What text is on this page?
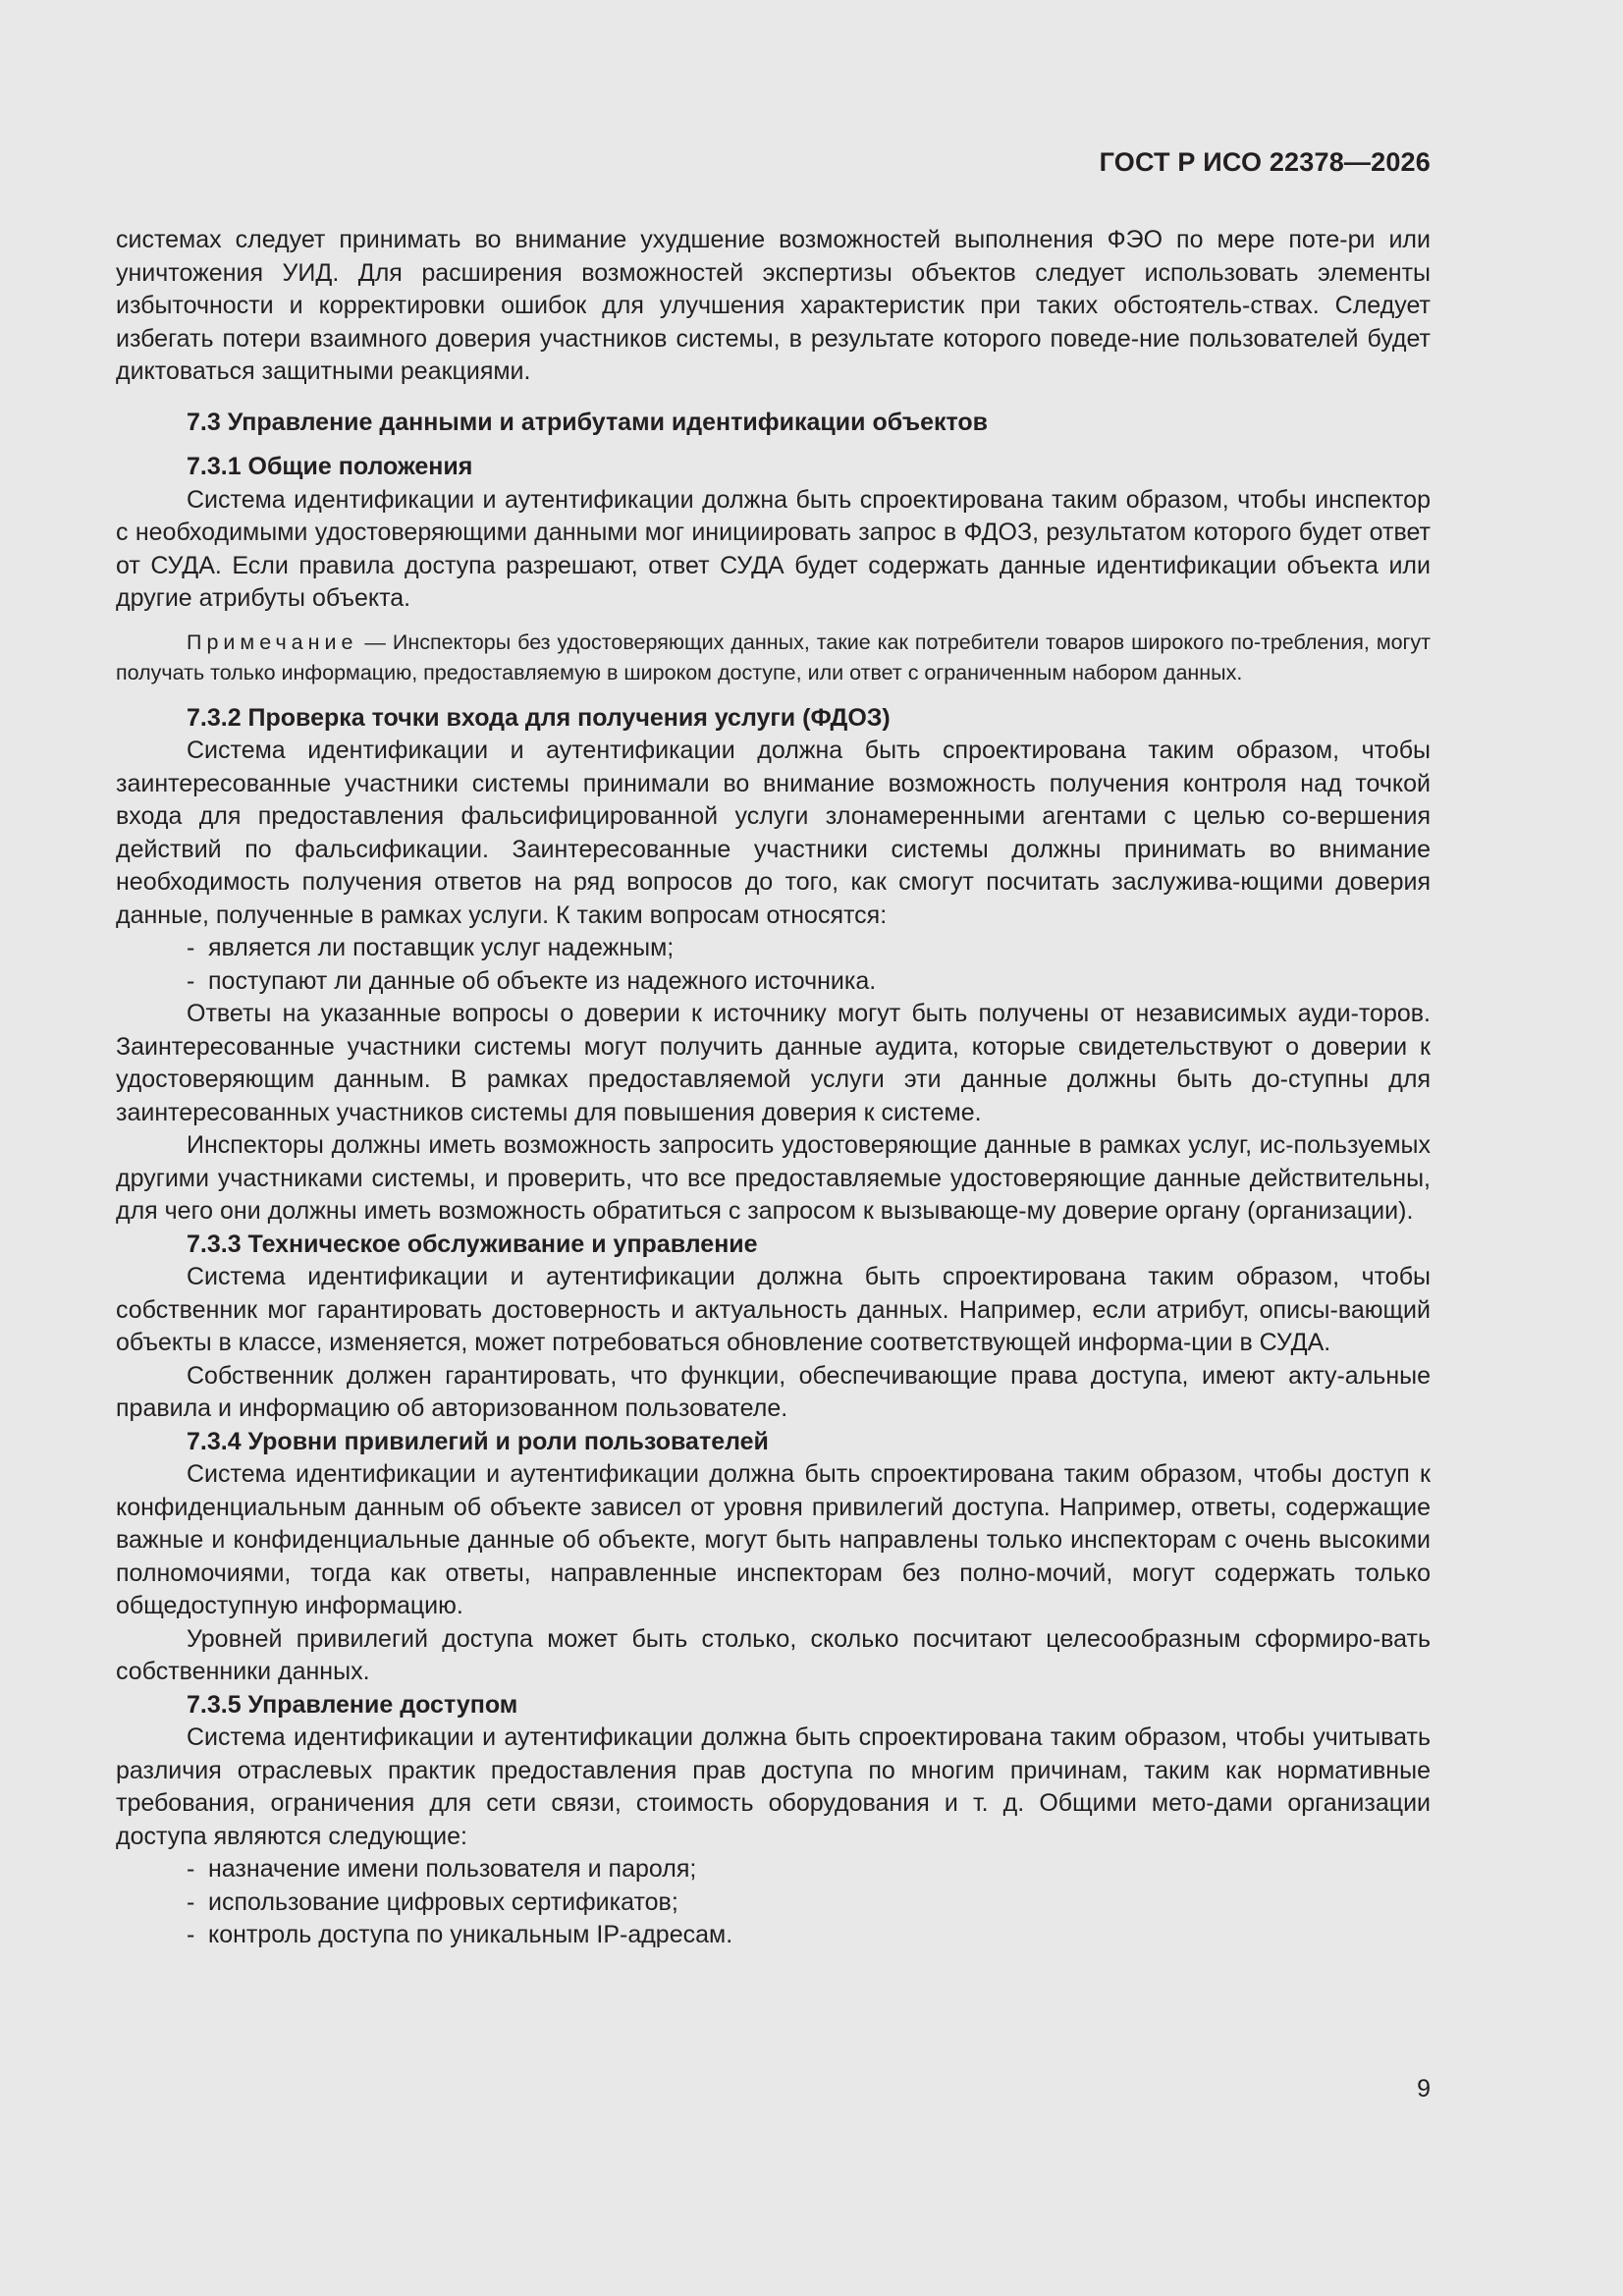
ГОСТ Р ИСО 22378—2026

системах следует принимать во внимание ухудшение возможностей выполнения ФЭО по мере поте-ри или уничтожения УИД. Для расширения возможностей экспертизы объектов следует использовать элементы избыточности и корректировки ошибок для улучшения характеристик при таких обстоятель-ствах. Следует избегать потери взаимного доверия участников системы, в результате которого поведе-ние пользователей будет диктоваться защитными реакциями.

7.3 Управление данными и атрибутами идентификации объектов
7.3.1 Общие положения

Система идентификации и аутентификации должна быть спроектирована таким образом, чтобы инспектор с необходимыми удостоверяющими данными мог инициировать запрос в ФДОЗ, результатом которого будет ответ от СУДА. Если правила доступа разрешают, ответ СУДА будет содержать данные идентификации объекта или другие атрибуты объекта.

Примечание — Инспекторы без удостоверяющих данных, такие как потребители товаров широкого по-требления, могут получать только информацию, предоставляемую в широком доступе, или ответ с ограниченным набором данных.

7.3.2 Проверка точки входа для получения услуги (ФДОЗ)

Система идентификации и аутентификации должна быть спроектирована таким образом, чтобы заинтересованные участники системы принимали во внимание возможность получения контроля над точкой входа для предоставления фальсифицированной услуги злонамеренными агентами с целью со-вершения действий по фальсификации. Заинтересованные участники системы должны принимать во внимание необходимость получения ответов на ряд вопросов до того, как смогут посчитать заслужива-ющими доверия данные, полученные в рамках услуги. К таким вопросам относятся:

- является ли поставщик услуг надежным;
- поступают ли данные об объекте из надежного источника.

Ответы на указанные вопросы о доверии к источнику могут быть получены от независимых ауди-торов. Заинтересованные участники системы могут получить данные аудита, которые свидетельствуют о доверии к удостоверяющим данным. В рамках предоставляемой услуги эти данные должны быть до-ступны для заинтересованных участников системы для повышения доверия к системе.

Инспекторы должны иметь возможность запросить удостоверяющие данные в рамках услуг, ис-пользуемых другими участниками системы, и проверить, что все предоставляемые удостоверяющие данные действительны, для чего они должны иметь возможность обратиться с запросом к вызывающе-му доверие органу (организации).

7.3.3 Техническое обслуживание и управление

Система идентификации и аутентификации должна быть спроектирована таким образом, чтобы собственник мог гарантировать достоверность и актуальность данных. Например, если атрибут, описы-вающий объекты в классе, изменяется, может потребоваться обновление соответствующей информа-ции в СУДА.

Собственник должен гарантировать, что функции, обеспечивающие права доступа, имеют акту-альные правила и информацию об авторизованном пользователе.

7.3.4 Уровни привилегий и роли пользователей

Система идентификации и аутентификации должна быть спроектирована таким образом, чтобы доступ к конфиденциальным данным об объекте зависел от уровня привилегий доступа. Например, ответы, содержащие важные и конфиденциальные данные об объекте, могут быть направлены только инспекторам с очень высокими полномочиями, тогда как ответы, направленные инспекторам без полно-мочий, могут содержать только общедоступную информацию.

Уровней привилегий доступа может быть столько, сколько посчитают целесообразным сформиро-вать собственники данных.

7.3.5 Управление доступом

Система идентификации и аутентификации должна быть спроектирована таким образом, чтобы учитывать различия отраслевых практик предоставления прав доступа по многим причинам, таким как нормативные требования, ограничения для сети связи, стоимость оборудования и т. д. Общими мето-дами организации доступа являются следующие:

- назначение имени пользователя и пароля;
- использование цифровых сертификатов;
- контроль доступа по уникальным IP-адресам.
9
